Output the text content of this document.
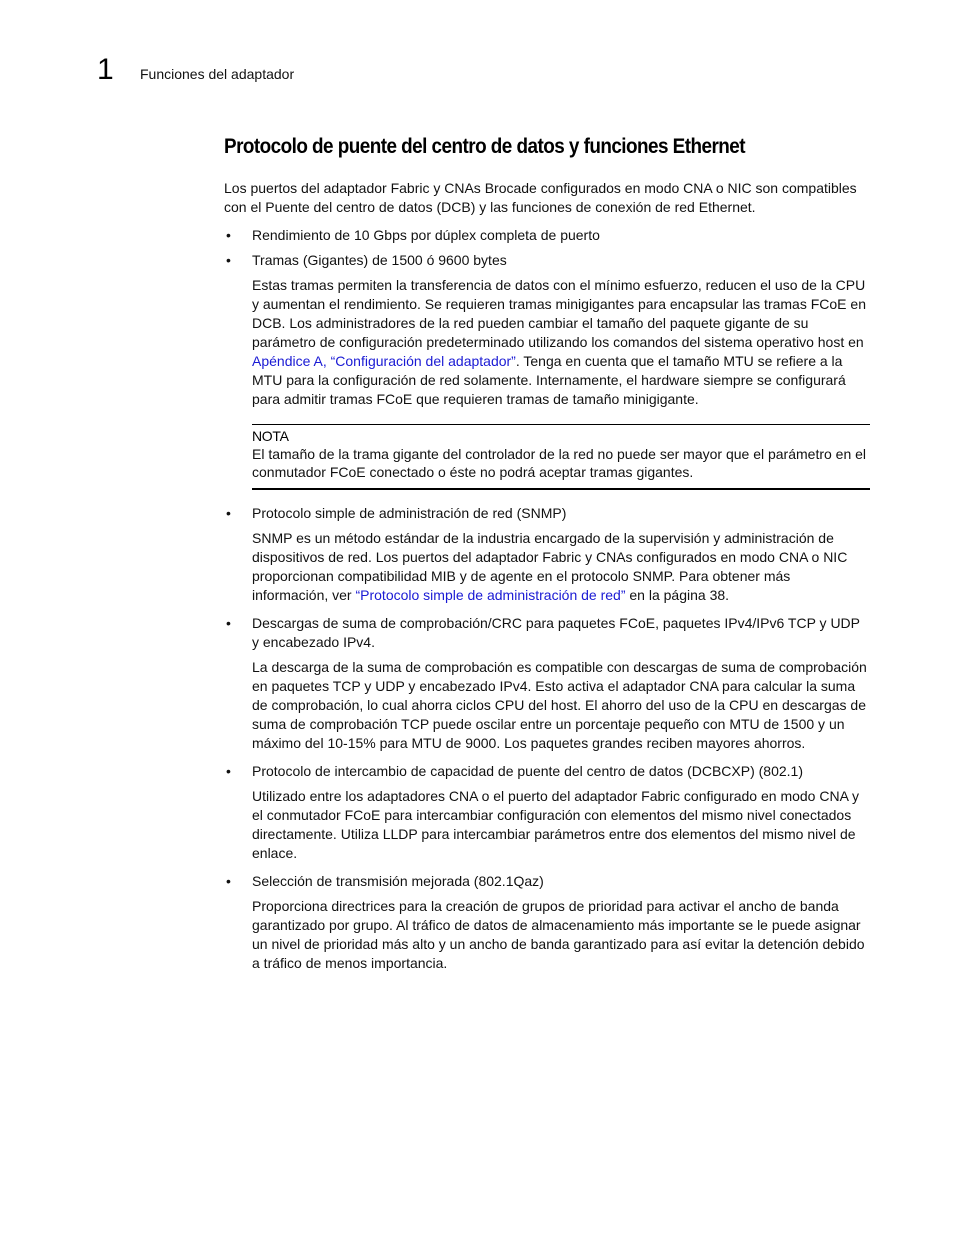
1 Funciones del adaptador
Protocolo de puente del centro de datos y funciones Ethernet

Los puertos del adaptador Fabric y CNAs Brocade configurados en modo CNA o NIC son compatibles con el Puente del centro de datos (DCB) y las funciones de conexión de red Ethernet.

• Rendimiento de 10 Gbps por dúplex completa de puerto
• Tramas (Gigantes) de 1500 ó 9600 bytes

Estas tramas permiten la transferencia de datos con el mínimo esfuerzo, reducen el uso de la CPU y aumentan el rendimiento. Se requieren tramas minigigantes para encapsular las tramas FCoE en DCB. Los administradores de la red pueden cambiar el tamaño del paquete gigante de su parámetro de configuración predeterminado utilizando los comandos del sistema operativo host en Apéndice A, “Configuración del adaptador”. Tenga en cuenta que el tamaño MTU se refiere a la MTU para la configuración de red solamente. Internamente, el hardware siempre se configurará para admitir tramas FCoE que requieren tramas de tamaño minigigante.

NOTA
El tamaño de la trama gigante del controlador de la red no puede ser mayor que el parámetro en el conmutador FCoE conectado o éste no podrá aceptar tramas gigantes.
• Protocolo simple de administración de red (SNMP)

SNMP es un método estándar de la industria encargado de la supervisión y administración de dispositivos de red. Los puertos del adaptador Fabric y CNAs configurados en modo CNA o NIC proporcionan compatibilidad MIB y de agente en el protocolo SNMP. Para obtener más información, ver “Protocolo simple de administración de red” en la página 38.

• Descargas de suma de comprobación/CRC para paquetes FCoE, paquetes IPv4/IPv6 TCP y UDP y encabezado IPv4.

La descarga de la suma de comprobación es compatible con descargas de suma de comprobación en paquetes TCP y UDP y encabezado IPv4. Esto activa el adaptador CNA para calcular la suma de comprobación, lo cual ahorra ciclos CPU del host. El ahorro del uso de la CPU en descargas de suma de comprobación TCP puede oscilar entre un porcentaje pequeño con MTU de 1500 y un máximo del 10-15% para MTU de 9000. Los paquetes grandes reciben mayores ahorros.

• Protocolo de intercambio de capacidad de puente del centro de datos (DCBCXP) (802.1)

Utilizado entre los adaptadores CNA o el puerto del adaptador Fabric configurado en modo CNA y el conmutador FCoE para intercambiar configuración con elementos del mismo nivel conectados directamente. Utiliza LLDP para intercambiar parámetros entre dos elementos del mismo nivel de enlace.

• Selección de transmisión mejorada (802.1Qaz)

Proporciona directrices para la creación de grupos de prioridad para activar el ancho de banda garantizado por grupo. Al tráfico de datos de almacenamiento más importante se le puede asignar un nivel de prioridad más alto y un ancho de banda garantizado para así evitar la detención debido a tráfico de menos importancia.
